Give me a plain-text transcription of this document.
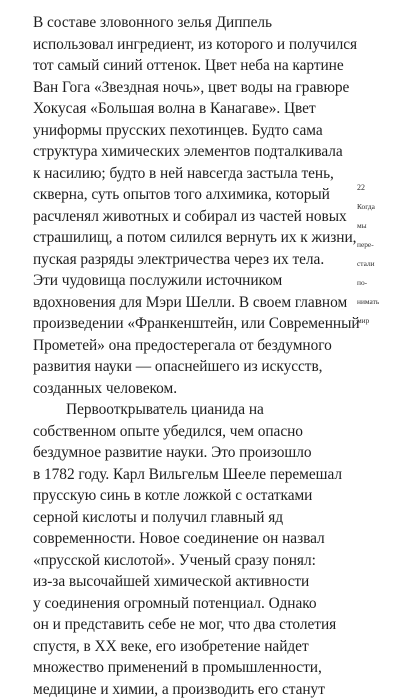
В составе зловонного зелья Диппель
использовал ингредиент, из которого и получился
тот самый синий оттенок. Цвет неба на картине
Ван Гога «Звездная ночь», цвет воды на гравюре
Хокусая «Большая волна в Канагаве». Цвет
униформы прусских пехотинцев. Будто сама
структура химических элементов подталкивала
к насилию; будто в ней навсегда застыла тень,
скверна, суть опытов того алхимика, который
расчленял животных и собирал из частей новых
страшилищ, а потом силился вернуть их к жизни,
пуская разряды электричества через их тела.
Эти чудовища послужили источником
вдохновения для Мэри Шелли. В своем главном
произведении «Франкенштейн, или Современный
Прометей» она предостерегала от бездумного
развития науки — опаснейшего из искусств,
созданных человеком.
Первооткрыватель цианида на
собственном опыте убедился, чем опасно
бездумное развитие науки. Это произошло
в 1782 году. Карл Вильгельм Шееле перемешал
прусскую синь в котле ложкой с остатками
серной кислоты и получил главный яд
современности. Новое соединение он назвал
«прусской кислотой». Ученый сразу понял:
из-за высочайшей химической активности
у соединения огромный потенциал. Однако
он и представить себе не мог, что два столетия
спустя, в XX веке, его изобретение найдет
множество применений в промышленности,
медицине и химии, а производить его станут
22
Когда
мы
пере-
стали
по-
нимать
мир
